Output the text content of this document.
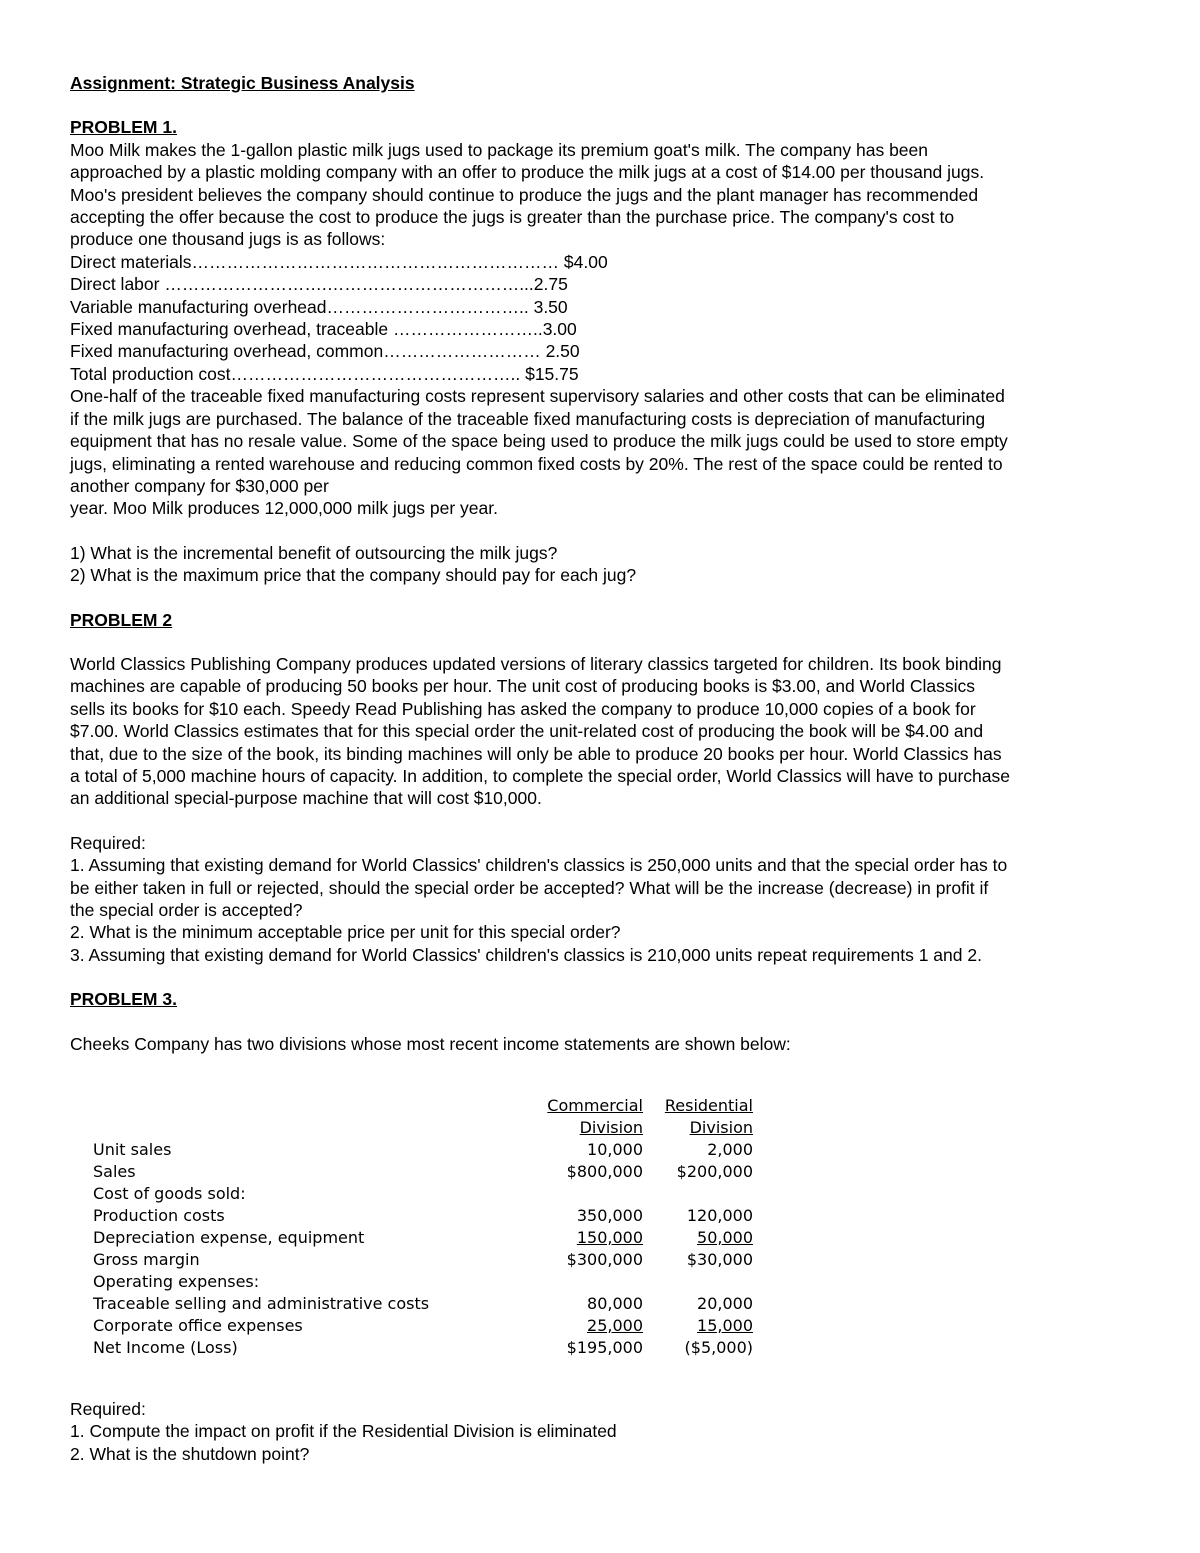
Assignment: Strategic Business Analysis

PROBLEM 1.

Moo Milk makes the 1-gallon plastic milk jugs used to package its premium goat's milk. The company has been

approached by a plastic molding company with an offer to produce the milk jugs at a cost of $14.00 per thousand jugs.

Moo's president believes the company should continue to produce the jugs and the plant manager has recommended

accepting the offer because the cost to produce the jugs is greater than the purchase price. The company's cost to

produce one thousand jugs is as follows:

Direct materials……………………………………………………… $4.00

Direct labor ……………………….……………………………...2.75

Variable manufacturing overhead…………………………….. 3.50

Fixed manufacturing overhead, traceable ……………………..3.00

Fixed manufacturing overhead, common……………………… 2.50

Total production cost………………………………………….. $15.75

One-half of the traceable fixed manufacturing costs represent supervisory salaries and other costs that can be eliminated

if the milk jugs are purchased. The balance of the traceable fixed manufacturing costs is depreciation of manufacturing

equipment that has no resale value. Some of the space being used to produce the milk jugs could be used to store empty

jugs, eliminating a rented warehouse and reducing common fixed costs by 20%. The rest of the space could be rented to

another company for $30,000 per

year. Moo Milk produces 12,000,000 milk jugs per year.

1) What is the incremental benefit of outsourcing the milk jugs?

2) What is the maximum price that the company should pay for each jug?

PROBLEM 2

World Classics Publishing Company produces updated versions of literary classics targeted for children. Its book binding

machines are capable of producing 50 books per hour. The unit cost of producing books is $3.00, and World Classics

sells its books for $10 each. Speedy Read Publishing has asked the company to produce 10,000 copies of a book for

$7.00. World Classics estimates that for this special order the unit-related cost of producing the book will be $4.00 and

that, due to the size of the book, its binding machines will only be able to produce 20 books per hour. World Classics has

a total of 5,000 machine hours of capacity. In addition, to complete the special order, World Classics will have to purchase

an additional special-purpose machine that will cost $10,000.

Required:

1. Assuming that existing demand for World Classics' children's classics is 250,000 units and that the special order has to

be either taken in full or rejected, should the special order be accepted? What will be the increase (decrease) in profit if

the special order is accepted?

2. What is the minimum acceptable price per unit for this special order?

3. Assuming that existing demand for World Classics' children's classics is 210,000 units repeat requirements 1 and 2.

PROBLEM 3.

Cheeks Company has two divisions whose most recent income statements are shown below:

	Commercial	Residential
	Division	Division
Unit sales	10,000	2,000
Sales	$800,000	$200,000
Cost of goods sold:		
Production costs	350,000	120,000
Depreciation expense, equipment	150,000	50,000
Gross margin	$300,000	$30,000
Operating expenses:		
Traceable selling and administrative costs	80,000	20,000
Corporate office expenses	25,000	15,000
Net Income (Loss)	$195,000	($5,000)

Required:

1. Compute the impact on profit if the Residential Division is eliminated

2. What is the shutdown point?
